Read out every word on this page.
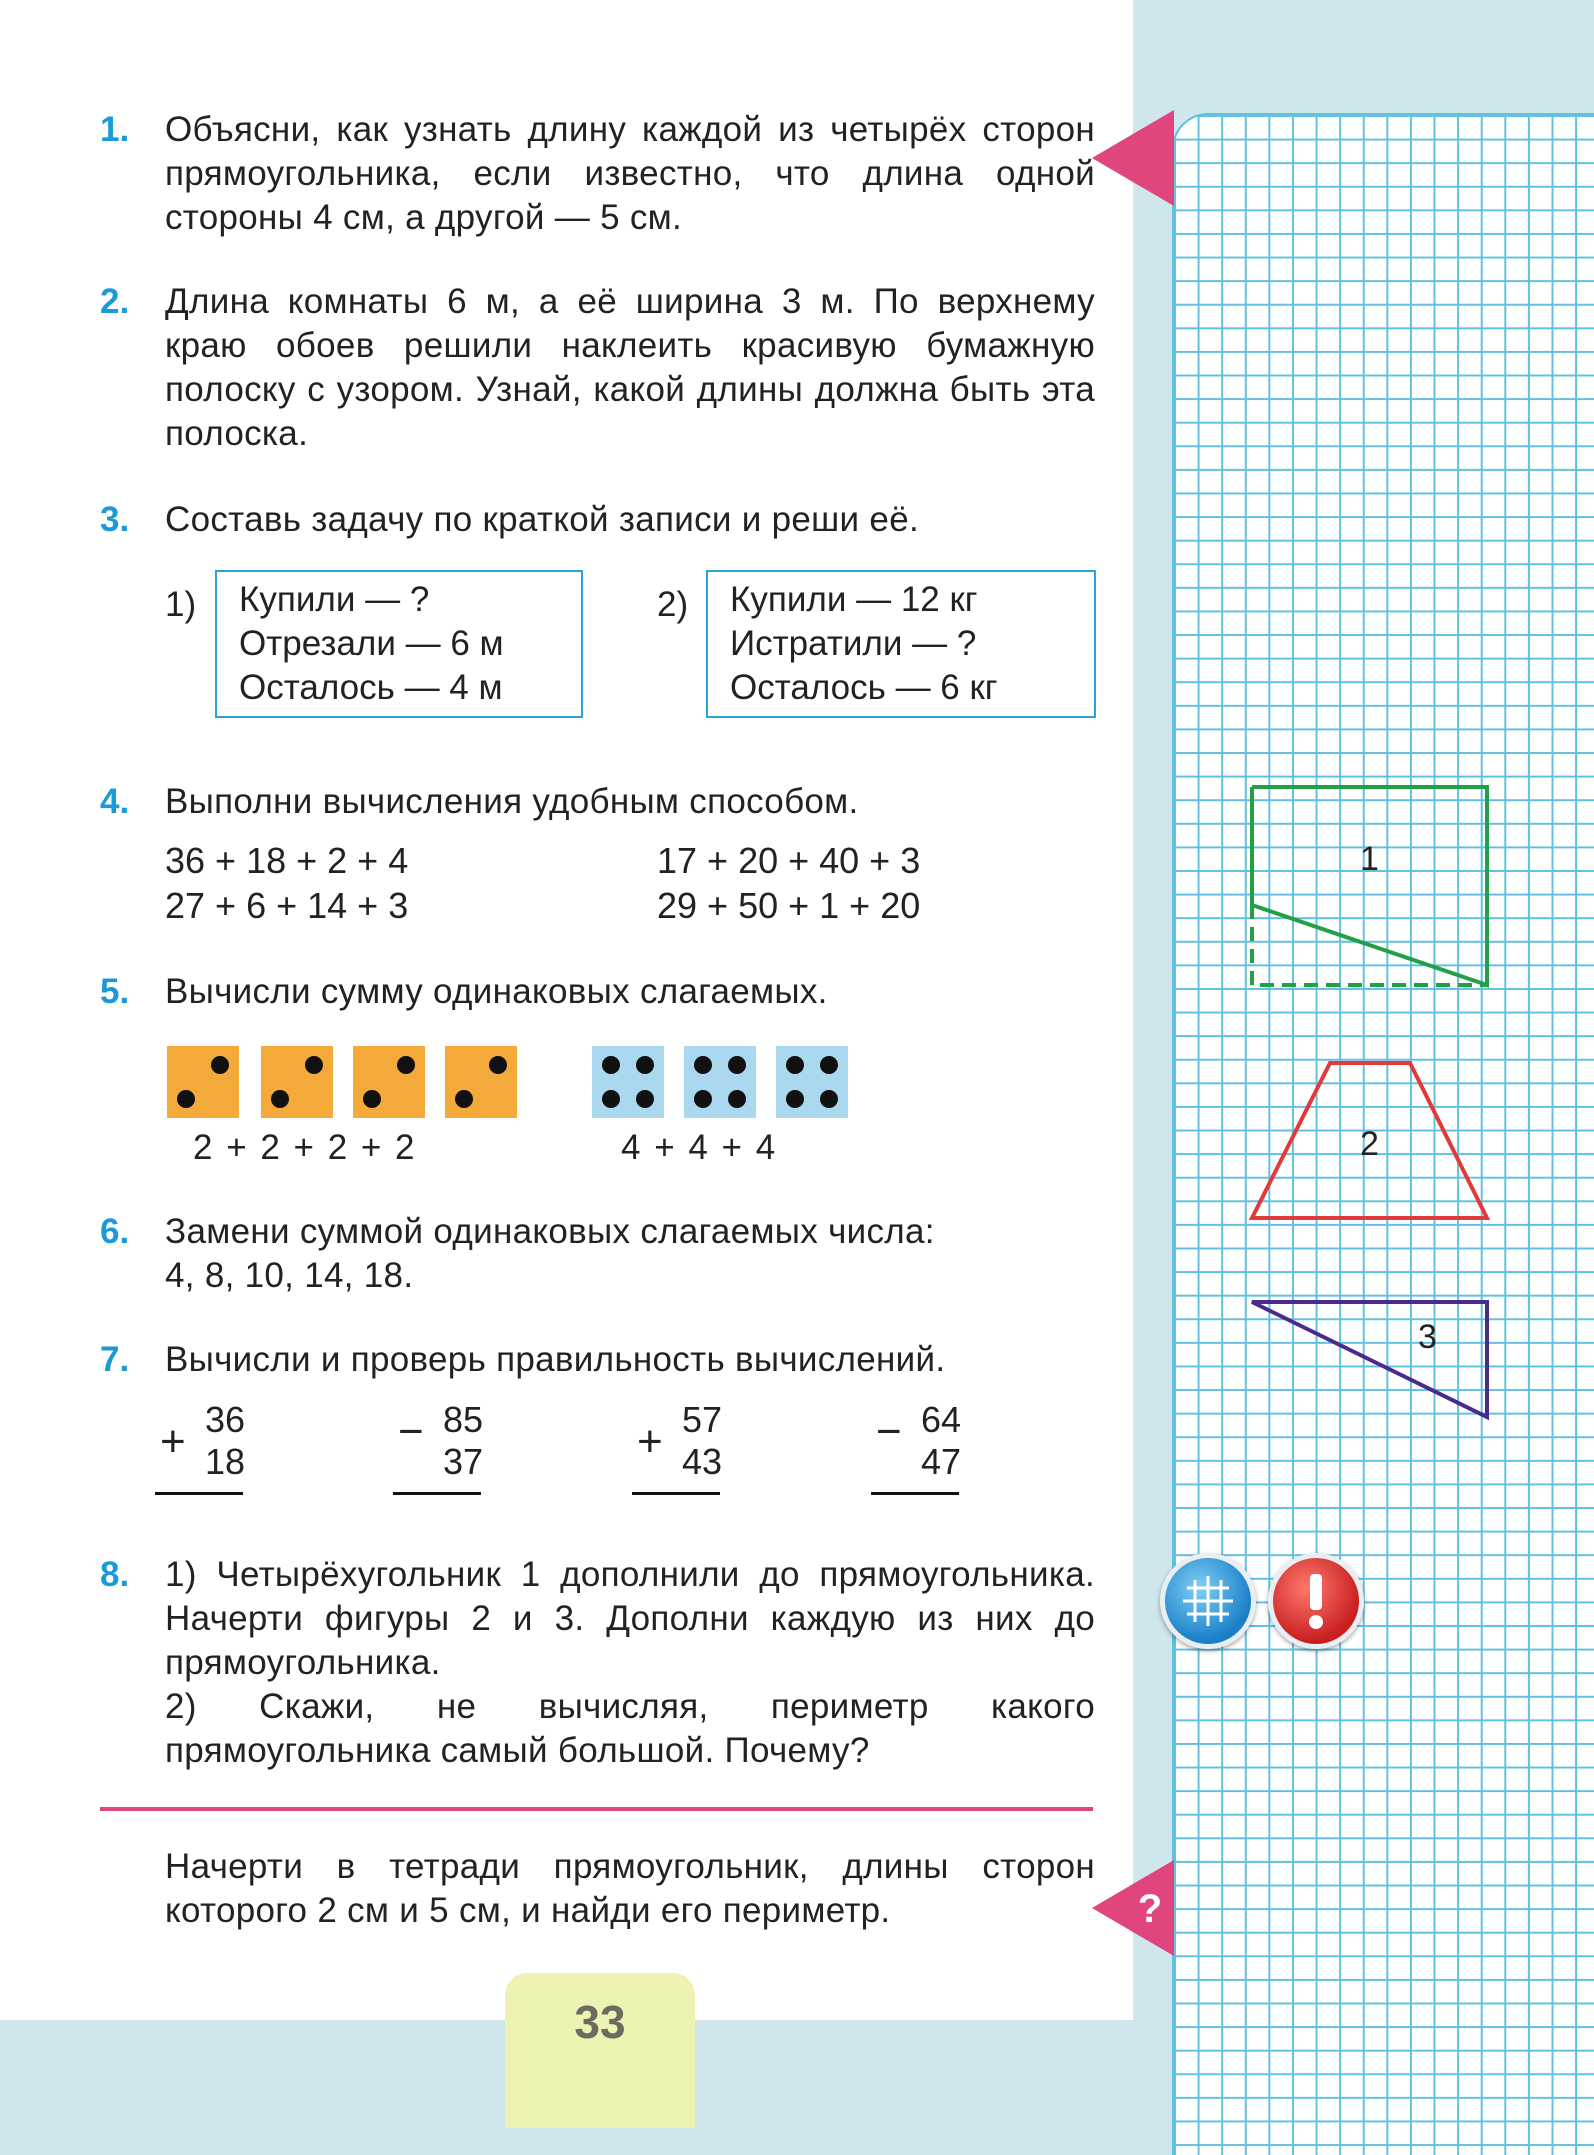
?
1. Объясни, как узнать длину каждой из четырёх сторон прямоугольника, если известно, что длина одной стороны 4 см, а другой — 5 см.
2. Длина комнаты 6 м, а её ширина 3 м. По верхнему краю обоев решили наклеить красивую бумажную полоску с узором. Узнай, какой длины должна быть эта полоска.
3. Составь задачу по краткой записи и реши её.
1) Купили — ?
Отрезали — 6 м
Осталось — 4 м
2) Купили — 12 кг
Истратили — ?
Осталось — 6 кг
4. Выполни вычисления удобным способом.
36 + 18 + 2 + 4
27 + 6 + 14 + 3
17 + 20 + 40 + 3
29 + 50 + 1 + 20
5. Вычисли сумму одинаковых слагаемых.
2 + 2 + 2 + 2	4 + 4 + 4
6. Замени суммой одинаковых слагаемых числа:
4, 8, 10, 14, 18.
7. Вычисли и проверь правильность вычислений.
+ 36
18
− 85
37	+ 57
43
− 64
47
8. 1) Четырёхугольник 1 дополнили до прямоугольника. Начерти фигуры 2 и 3. Дополни каждую из них до прямоугольника.
2) Скажи, не вычисляя, периметр какого прямоугольника самый большой. Почему?
Начерти в тетради прямоугольник, длины сторон которого 2 см и 5 см, и найди его периметр.
1
2
3
33
